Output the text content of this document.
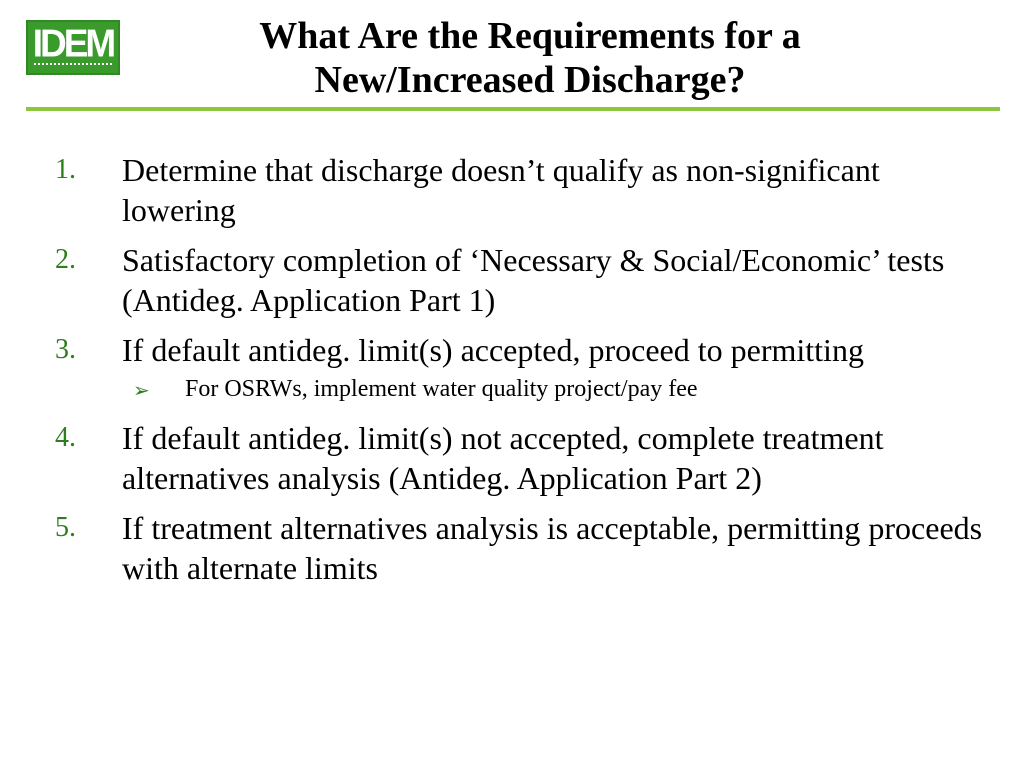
IDEM	What Are the Requirements for a
New/Increased Discharge?
1. Determine that discharge doesn’t qualify as non-significant lowering
2. Satisfactory completion of ‘Necessary & Social/Economic’ tests (Antideg. Application Part 1)
3. If default antideg. limit(s) accepted, proceed to permitting
➢ For OSRWs, implement water quality project/pay fee
4. If default antideg. limit(s) not accepted, complete treatment alternatives analysis (Antideg. Application Part 2)
5. If treatment alternatives analysis is acceptable, permitting proceeds with alternate limits
